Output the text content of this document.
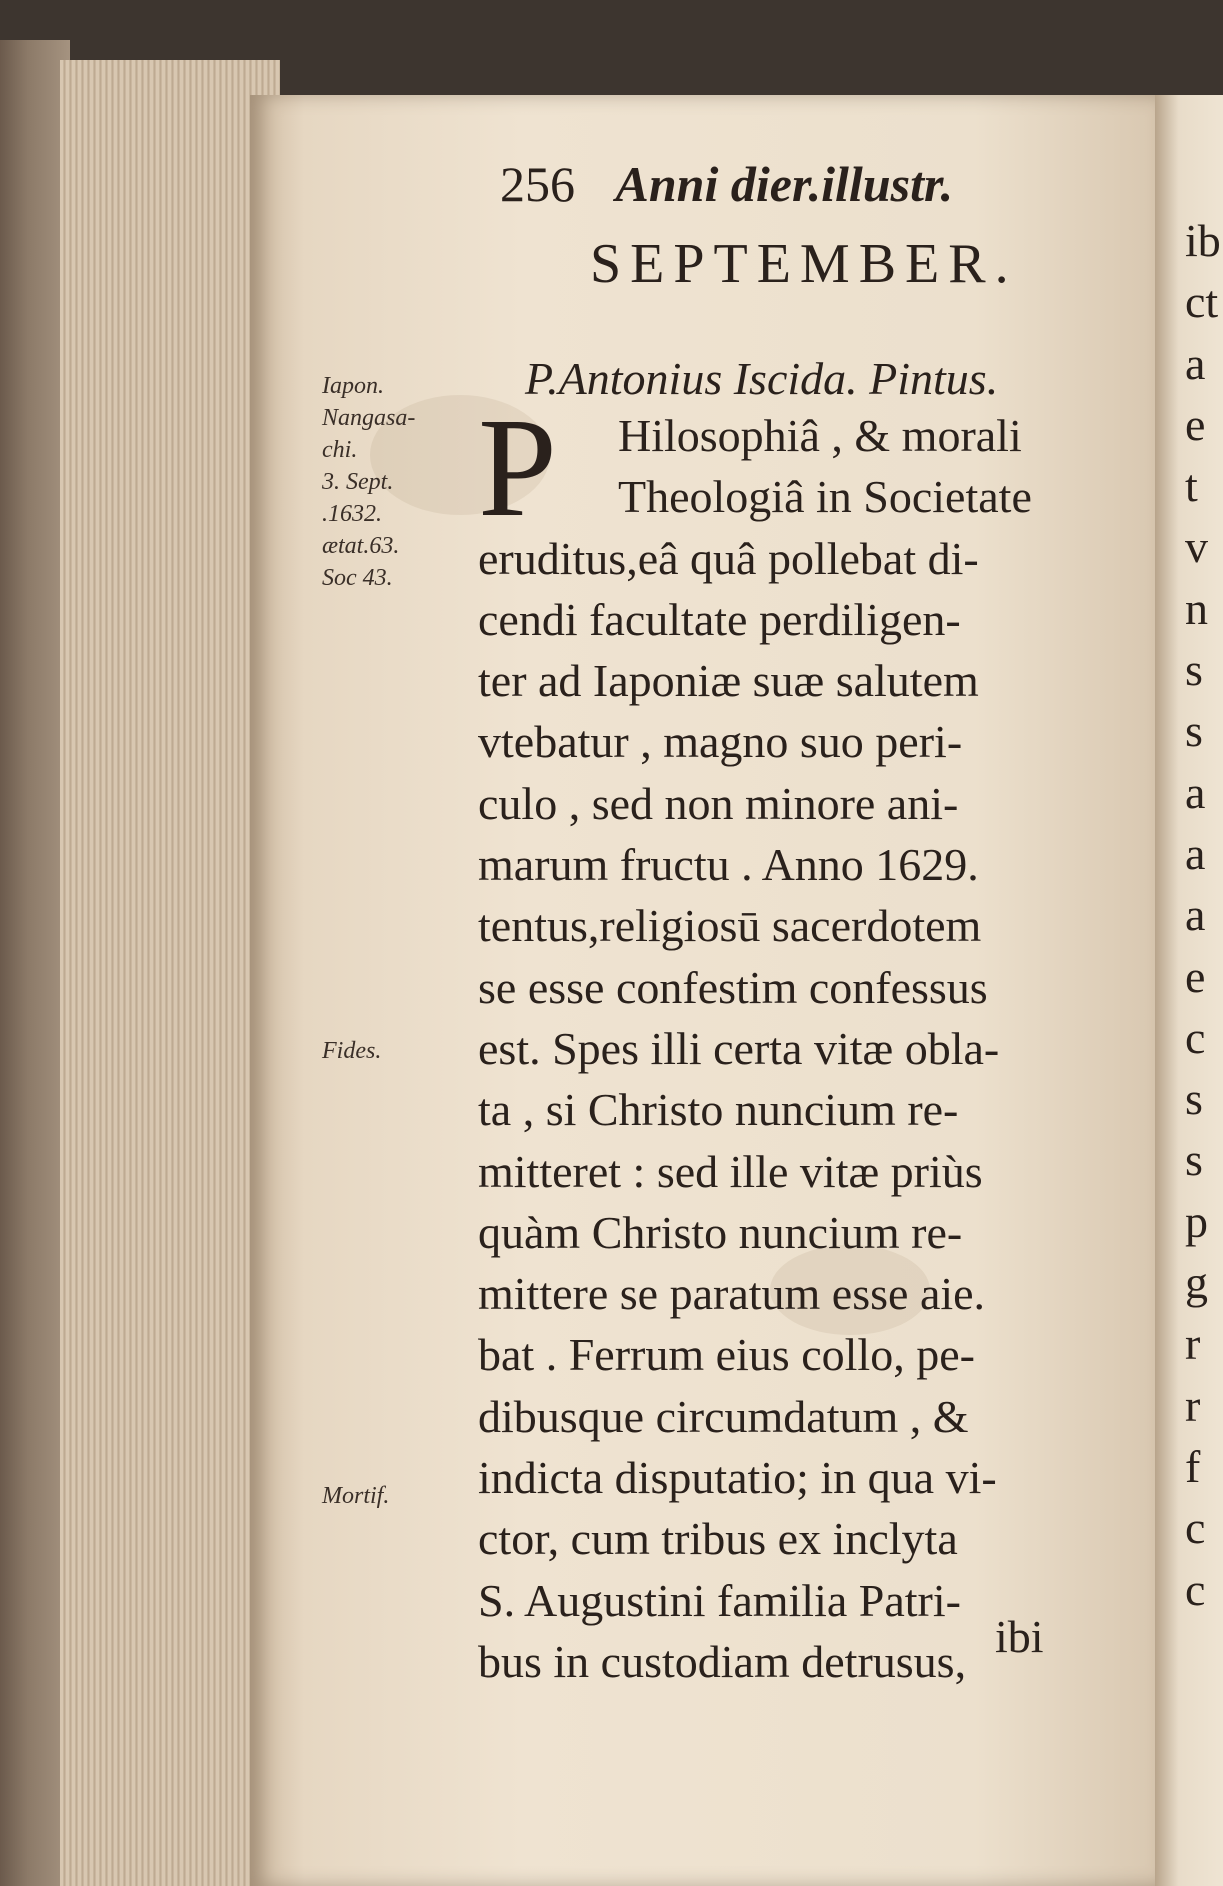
256 Anni dier.illustr.
SEPTEMBER.
P.Antonius Iscida. Pintus.
Iapon.
Nangasa-
chi.
3. Sept.
.1632.
ætat.63.
Soc 43.
Fides.
Mortif.
P	Hilosophiâ , & morali
Theologiâ in Societate
eruditus,eâ quâ pollebat di-
cendi facultate perdiligen-
ter ad Iaponiæ suæ salutem
vtebatur , magno suo peri-
culo , sed non minore ani-
marum fructu . Anno 1629.
tentus,religiosū sacerdotem
se esse confestim confessus
est. Spes illi certa vitæ obla-
ta , si Christo nuncium re-
mitteret : sed ille vitæ priùs
quàm Christo nuncium re-
mittere se paratum esse aie.
bat . Ferrum eius collo, pe-
dibusque circumdatum , &
indicta disputatio; in qua vi-
ctor, cum tribus ex inclyta
S. Augustini familia Patri-
bus in custodiam detrusus, ibi
ib
ct
a
e
t
v
n
s
s
a
a
a
e
c
s
s
p
g
r
r
f
c
c
